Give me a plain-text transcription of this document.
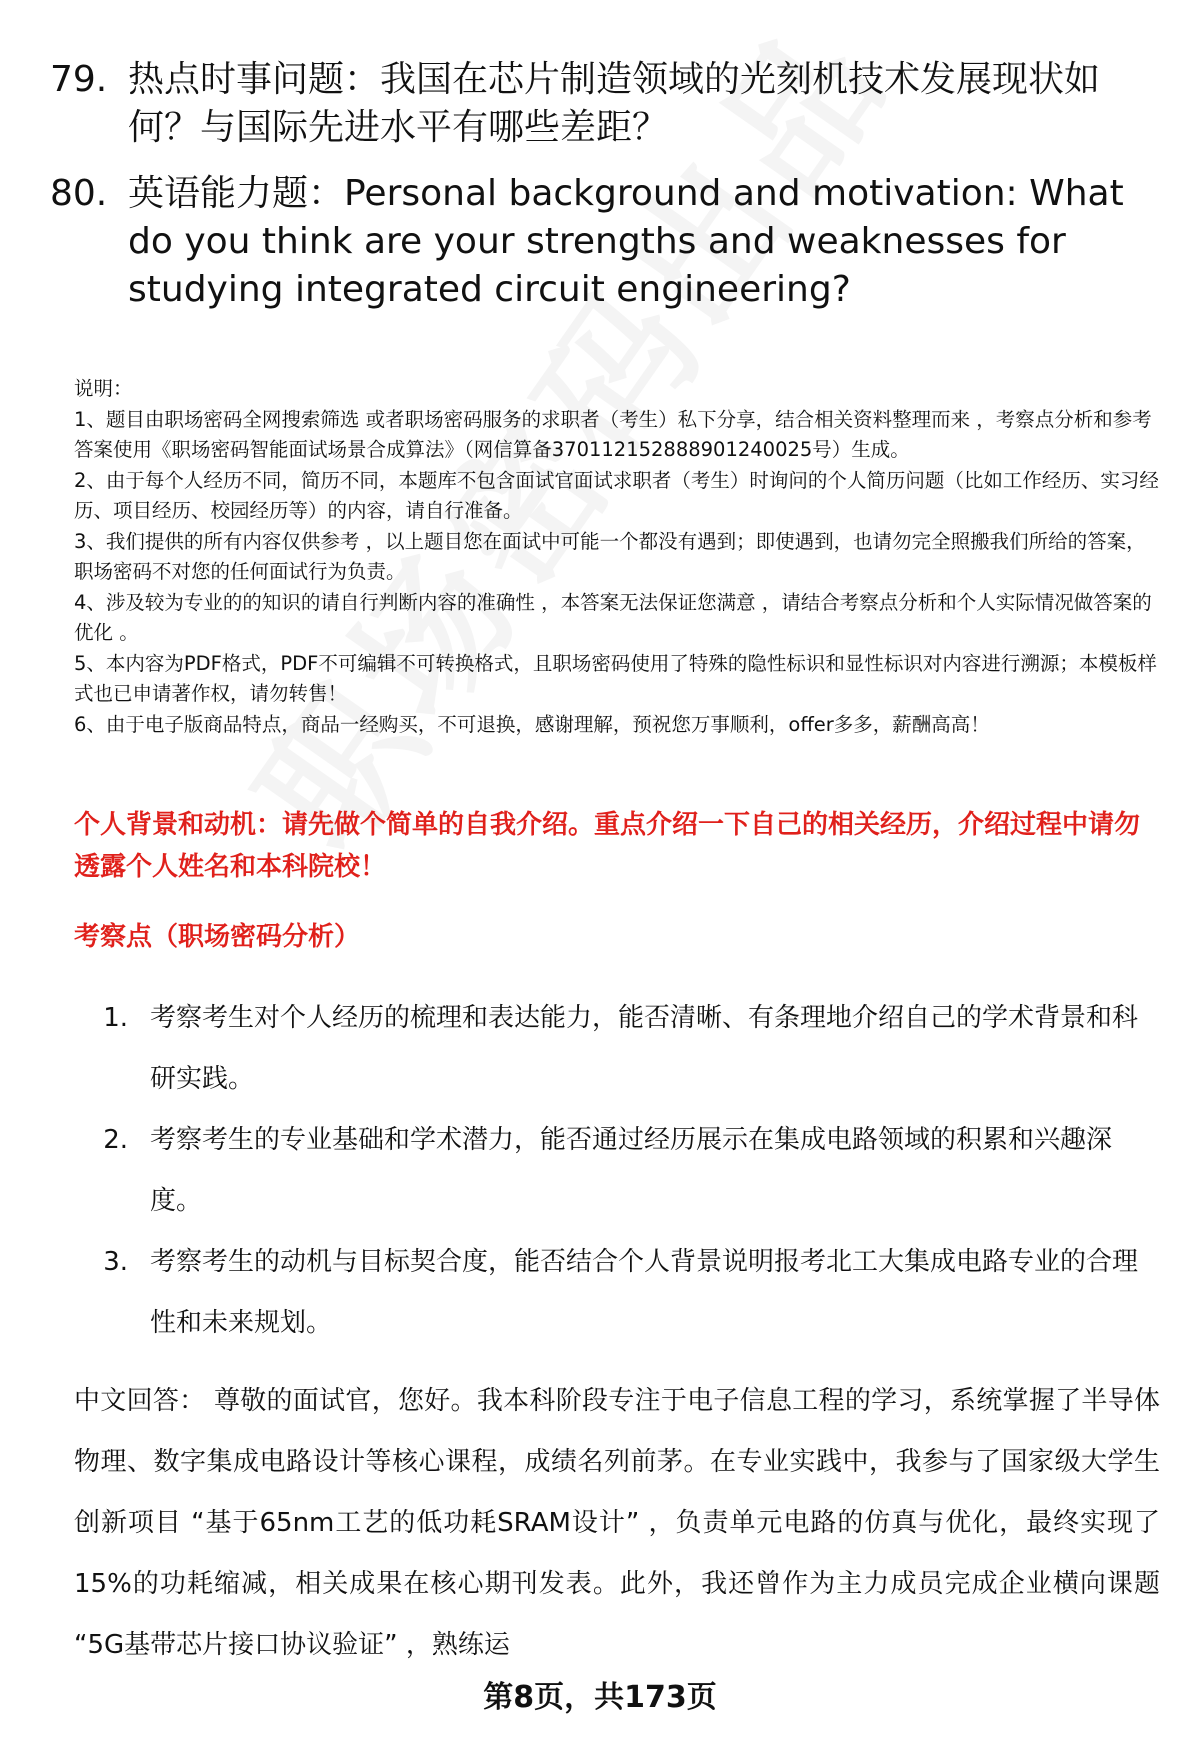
79. 热点时事问题：我国在芯片制造领域的光刻机技术发展现状如何？与国际先进水平有哪些差距？
80. 英语能力题：Personal background and motivation: What do you think are your strengths and weaknesses for studying integrated circuit engineering?

说明：

1、题目由职场密码全网搜索筛选 或者职场密码服务的求职者（考生）私下分享，结合相关资料整理而来 ，考察点分析和参考答案使用《职场密码智能面试场景合成算法》（网信算备370112152888901240025号）生成。

2、由于每个人经历不同，简历不同，本题库不包含面试官面试求职者（考生）时询问的个人简历问题（比如工作经历、实习经历、项目经历、校园经历等）的内容，请自行准备。

3、我们提供的所有内容仅供参考 ，以上题目您在面试中可能一个都没有遇到；即使遇到，也请勿完全照搬我们所给的答案，职场密码不对您的任何面试行为负责。

4、涉及较为专业的的知识的请自行判断内容的准确性 ，本答案无法保证您满意 ，请结合考察点分析和个人实际情况做答案的优化 。

5、本内容为PDF格式，PDF不可编辑不可转换格式，且职场密码使用了特殊的隐性标识和显性标识对内容进行溯源；本模板样式也已申请著作权，请勿转售！

6、由于电子版商品特点，商品一经购买，不可退换，感谢理解，预祝您万事顺利，offer多多，薪酬高高！

个人背景和动机：请先做个简单的自我介绍。重点介绍一下自己的相关经历，介绍过程中请勿透露个人姓名和本科院校！
考察点（职场密码分析）
1. 考察考生对个人经历的梳理和表达能力，能否清晰、有条理地介绍自己的学术背景和科研实践。
2. 考察考生的专业基础和学术潜力，能否通过经历展示在集成电路领域的积累和兴趣深度。
3. 考察考生的动机与目标契合度，能否结合个人背景说明报考北工大集成电路专业的合理性和未来规划。
中文回答： 尊敬的面试官，您好。我本科阶段专注于电子信息工程的学习，系统掌握了半导体物理、数字集成电路设计等核心课程，成绩名列前茅。在专业实践中，我参与了国家级大学生创新项目 “基于65nm工艺的低功耗SRAM设计” ，负责单元电路的仿真与优化，最终实现了15%的功耗缩减，相关成果在核心期刊发表。此外，我还曾作为主力成员完成企业横向课题 “5G基带芯片接口协议验证” ，熟练运
第8页，共173页
